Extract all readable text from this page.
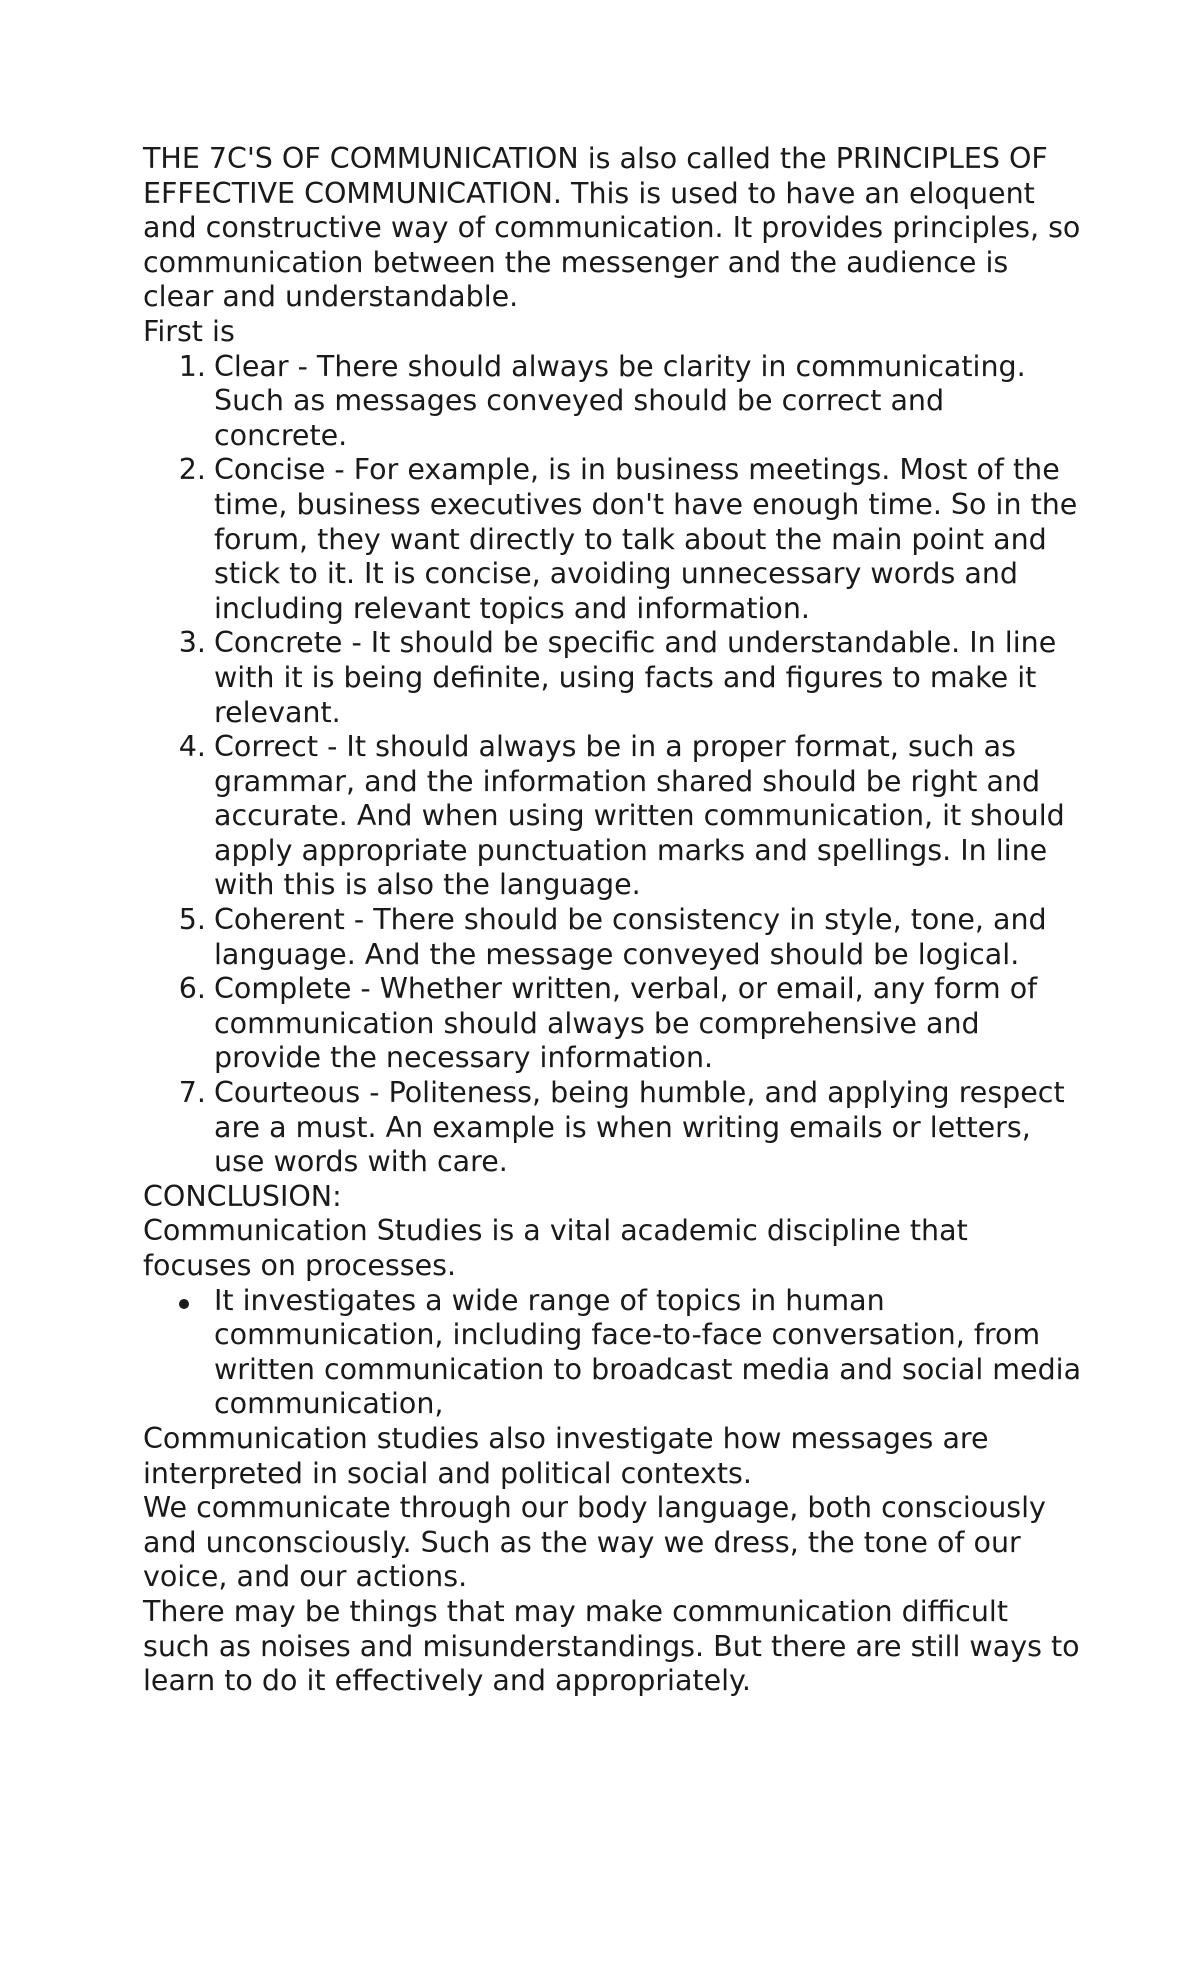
THE 7C'S OF COMMUNICATION is also called the PRINCIPLES OF EFFECTIVE COMMUNICATION. This is used to have an eloquent and constructive way of communication. It provides principles, so communication between the messenger and the audience is clear and understandable.

First is

1. Clear - There should always be clarity in communicating. Such as messages conveyed should be correct and concrete.
2. Concise - For example, is in business meetings. Most of the time, business executives don't have enough time. So in the forum, they want directly to talk about the main point and stick to it. It is concise, avoiding unnecessary words and including relevant topics and information.
3. Concrete - It should be specific and understandable. In line with it is being definite, using facts and figures to make it relevant.
4. Correct - It should always be in a proper format, such as grammar, and the information shared should be right and accurate. And when using written communication, it should apply appropriate punctuation marks and spellings. In line with this is also the language.
5. Coherent - There should be consistency in style, tone, and language. And the message conveyed should be logical.
6. Complete - Whether written, verbal, or email, any form of communication should always be comprehensive and provide the necessary information.
7. Courteous - Politeness, being humble, and applying respect are a must. An example is when writing emails or letters, use words with care.

CONCLUSION:

Communication Studies is a vital academic discipline that focuses on processes.

It investigates a wide range of topics in human communication, including face-to-face conversation, from written communication to broadcast media and social media communication,

Communication studies also investigate how messages are interpreted in social and political contexts.

We communicate through our body language, both consciously and unconsciously. Such as the way we dress, the tone of our voice, and our actions.

There may be things that may make communication difficult such as noises and misunderstandings. But there are still ways to learn to do it effectively and appropriately.
